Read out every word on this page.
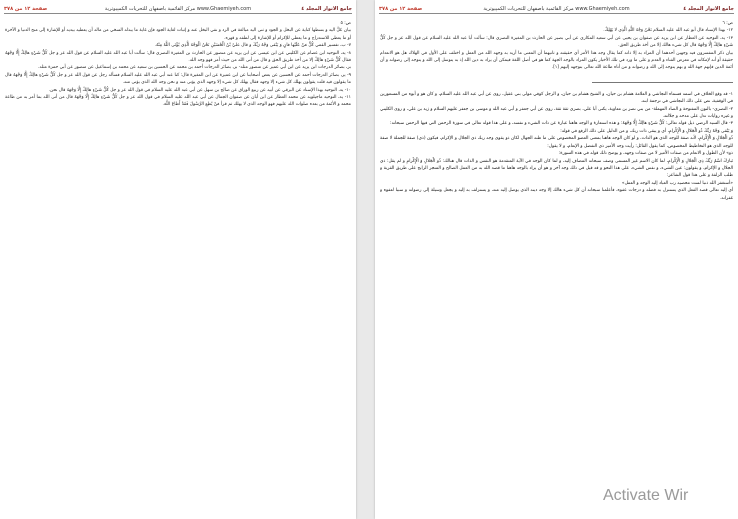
صفحة ١٢ من ٣٧٨	www.Ghaemiyeh.com مركز القائمية باصفهان للتحريات الكمپيوترية	جامع الانوار المجلد ٤

ص: ٥

بيان عَلَّ اليد و بسطها كناية عن البخل و الجود و ثنى اليد مبالغة في الرد و نفي البخل عنه و إثبات لغاية الجود فإن غاية ما يبذله السخي من ماله أن يعطيه بيديه أو للإشارة إلى منح الدنيا و الآخرة أو ما يعطي للاستدراج و ما يعطي للإكرام أو للإشارة إلى لطفه و قهره.

٧- ب، تفسير القمي كُلُّ مَنْ عَلَيْها فانٍ وَ يَبْقى وَجْهُ رَبِّكَ و قال عليّ بْنُ الْحُسَيْنِ نَحْنُ الْوَجْهُ الَّذِي يُؤْتَى اللَّهُ مِنْهُ.

٨- يد، التوحيد ابن عصام عن الكليني عن ابن عيسى عن ابن يزيد عن منصور عن الحارث بن المغيرة النصري قال: سألت أبا عبد الله عليه السلام عن قول الله عز و جل كُلُّ شَيْءٍ هالِكٌ إِلَّا وَجْهَهُ فقال كُلُّ شَيْءٍ هالِكٌ إلا من أخذ طريق الحق و قال من أتى الله من حيث أمر فهو وجه الله.

بر، بصائر الدرجات ابن يزيد عن ابن أبي عمير عن منصور مثله- بر، بصائر الدرجات أحمد بن محمد عن الحسين بن سعيد عن محمد بن إسماعيل عن منصور عن أبي حمزة مثله.

٩- ير، بصائر الدرجات أحمد عن الحسين عن بعض أصحابنا عن ابن عميرة عن ابن المغيرة قال: كنا عند أبي عبد الله عليه السلام فسأله رجل عن قول الله عز و جل كُلُّ شَيْءٍ هالِكٌ إِلَّا وَجْهَهُ قال ما يقولون فيه قلت يقولون يهلك كل شيء إلا وجهه فقال يهلك كل شيء إلا وجهه الذي يؤتى منه و نحن وجه الله الذي يؤتى منه.

١٠- يد، التوحيد بهذا الإسناد عن البرقي عن أبيه عن ربيع الوراق عن صالح بن سهل عن أبي عبد الله عليه السلام في قول الله عز و جل كُلُّ شَيْءٍ هالِكٌ إِلَّا وَجْهَهُ قال نحن.

١١- يد، التوحيد ماجيلويه عن محمد العطار عن ابن أبان عن صفوان الجمال عن أبي عبد الله عليه السلام في قول الله عز و جل كُلُّ شَيْءٍ هالِكٌ إِلَّا وَجْهَهُ قال من أتى الله بما أمر به من طاعة محمد و الأئمة من بعده صلوات الله عليهم فهو الوجه الذي لا يهلك ثم قرأ مَنْ يُطِعِ الرَّسُولَ فَقَدْ أَطاعَ اللَّهَ.

صفحة ١٢ من ٣٧٨	www.Ghaemiyeh.com مركز القائمية باصفهان للتحريات الكمپيوترية	جامع الانوار المجلد ٤

ص: ٦

١٢- بهذا الإسناد قال أبو عبد الله عليه السلام نَحْنُ وَجْهُ اللَّهِ الَّذِي لا يَهْلِكُ.

١٣- يد، التوحيد عن العطار عن ابن يزيد عن صفوان بن يحيى عن أبي سعيد المكاري عن أبي بصير عن الحارث بن المغيرة النصري قال: سألت أبا عبد الله عليه السلام عن قول الله عز و جل كُلُّ شَيْءٍ هالِكٌ إِلَّا وَجْهَهُ قال كل شيء هالك إلا من أخذ طريق الحق.

بيان ذكر المفسرون فيه وجهين أحدهما أن المراد به إلا ذاته كما يقال وجه هذا الأمر أي حقيقته و ثانيهما أن المعنى ما أريد به وجهه الله من العمل و اختلف على الأول في الهلاك هل هو الانعدام حقيقة أو أنه لإمكانه في معرض الفناء و العدم و على ما ورد في تلك الأخبار يكون المراد بالوجه الجهة كما هو في أصل اللغة فيمكن أن يراد به دين الله إذ به يتوسل إلى الله و يتوجه إلى رضوانه و أن أئمة الدين فإنهم جهة الله و بهم يتوجه إلى الله و رضوانه و من أتاه طاعة الله تعالى بتوجهه إليهم [١].

١- قد وقع الخلاف في اسمه فسماه النجاشي و العلامة هشام بن حيان، و الشيخ هشام بن حبان، و الرجل كوفي مولى بني عقيل، روى عن أبي عبد الله عليه السلام، و كان هو و أبوه من المسعورين في الوقفية، نص على ذلك النجاشي في ترجمة ابنه.

٢- النصري- بالنون المفتوحة و الصاد المهملة- من بني نصر بن معاوية، يكنى أبا علي، بصري ثقة ثقة، روى عن أبي جعفر و أبي عبد الله و موسى بن جعفر عليهم السلام و زيد بن علي، و روى الكليني و غيره روايات تدل على مدحه و جلالته.

٣- قال السيد الرضي ذيل قوله تعالى: كُلُّ شَيْءٍ هالِكٌ إِلَّا وَجْهَهُ: و هذه استعارة و الوجه هاهنا عبارة عن ذات الشيء و نفسه، و على هذا قوله تعالى في سورة الرحمن التي فيها الرحمن سبحانه:

وَ يَبْقى وَجْهُ رَبِّكَ ذُو الْجَلالِ وَ الْإِكْرامِ، أي و يبقى ذات ربك، و من الدليل على ذلك الرفع في قوله:

ذُو الْجَلالِ وَ الْإِكْرامِ، لأنه صفة للوجه الذي هو الذات، و لو كان الوجه هاهنا بمعنى العضو المخصوص على ما ظنه الجهال لكان ذو يقوى وجه ربك ذي الجلال و الإكرام، فيكون (ذي) صفة للجملة لا صفة للوجه الذي هو التخاطيط المخصوص، كما يقول القائل: رأيت وجه الأمير ذي التفضل و الإنعام، و لا يقول:

ذو» لأن الطول و الانعام من صفات الأمير لا من صفات وجهه، و يوضح ذلك قوله في هذه السورة:

تَبارَكَ اسْمُ رَبِّكَ ذِي الْجَلالِ وَ الْإِكْرامِ، لما كان الاسم غير المسمى وصف سبحانه المضاف إليه، و لما كان الوجه في الآية المتقدمة هو النفس و الذات قال هنالك: ذُو الْجَلالِ وَ الْإِكْرامِ و لم يقل: ذي الجلال و الإكرام، و يقولون: عين الشيء، و نفس الشيء، على هذا النحو و قد قيل في ذلك وجه آخر و هو أن يراد بالوجه هاهنا ما قصد الله به من العمل الصالح و المتجر الرابح على طريق القربة و طلب الزلفة و على هذا قول الشاعر:

«أستغفر الله ذنبا لست محصيه رب العباد إليه الوجه و العمل»

أي إليه تعالى قصد الفعل الذي يستنزل به فضله و درجات عفوه، فأعلمنا سبحانه أن كل شيء هالك إلا وجه دينه الذي يوصل إليه منه، و يستزلف به إليه و يجعل وسيلة إلى رضوانه و سببا لعفوه و غفرانه.

Activate Wir
